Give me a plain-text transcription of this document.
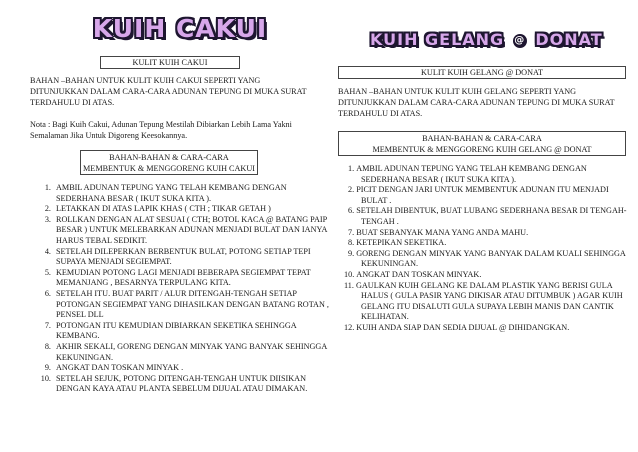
KUIH CAKUI
KULIT KUIH CAKUI

BAHAN –BAHAN UNTUK KULIT KUIH CAKUI SEPERTI YANG DITUNJUKKAN DALAM CARA-CARA ADUNAN TEPUNG DI MUKA SURAT TERDAHULU DI ATAS.

Nota : Bagi Kuih Cakui, Adunan Tepung Mestilah Dibiarkan Lebih Lama Yakni Semalaman Jika Untuk Digoreng Keesokannya.

BAHAN-BAHAN & CARA-CARA
MEMBENTUK & MENGGORENG KUIH CAKUI
1. AMBIL ADUNAN TEPUNG YANG TELAH KEMBANG DENGAN SEDERHANA BESAR ( IKUT SUKA KITA ).
2. LETAKKAN DI ATAS LAPIK KHAS ( CTH ; TIKAR GETAH )
3. ROLLKAN DENGAN ALAT SESUAI ( CTH; BOTOL KACA @ BATANG PAIP BESAR ) UNTUK MELEBARKAN ADUNAN MENJADI BULAT DAN IANYA HARUS TEBAL SEDIKIT.
4. SETELAH DILEPERKAN BERBENTUK BULAT, POTONG SETIAP TEPI SUPAYA MENJADI SEGIEMPAT.
5. KEMUDIAN POTONG LAGI MENJADI BEBERAPA SEGIEMPAT TEPAT MEMANJANG , BESARNYA TERPULANG KITA.
6. SETELAH ITU. BUAT PARIT / ALUR DITENGAH-TENGAH SETIAP POTONGAN SEGIEMPAT YANG DIHASILKAN DENGAN BATANG ROTAN , PENSEL DLL
7. POTONGAN ITU KEMUDIAN DIBIARKAN SEKETIKA SEHINGGA KEMBANG.
8. AKHIR SEKALI, GORENG DENGAN MINYAK YANG BANYAK SEHINGGA KEKUNINGAN.
9. ANGKAT DAN TOSKAN MINYAK .
10. SETELAH SEJUK, POTONG DITENGAH-TENGAH UNTUK DIISIKAN DENGAN KAYA ATAU PLANTA SEBELUM DIJUAL ATAU DIMAKAN.
KUIH GELANG @ DONAT
KULIT KUIH GELANG @ DONAT

BAHAN –BAHAN UNTUK KULIT KUIH GELANG SEPERTI YANG DITUNJUKKAN DALAM CARA-CARA ADUNAN TEPUNG DI MUKA SURAT TERDAHULU DI ATAS.

BAHAN-BAHAN & CARA-CARA
MEMBENTUK & MENGGORENG KUIH GELANG @ DONAT
1. AMBIL ADUNAN TEPUNG YANG TELAH KEMBANG DENGAN SEDERHANA BESAR ( IKUT SUKA KITA ).
2. PICIT DENGAN JARI UNTUK MEMBENTUK ADUNAN ITU MENJADI BULAT .
6. SETELAH DIBENTUK, BUAT LUBANG SEDERHANA BESAR DI TENGAH-TENGAH .
7. BUAT SEBANYAK MANA YANG ANDA MAHU.
8. KETEPIKAN SEKETIKA.
9. GORENG DENGAN MINYAK YANG BANYAK DALAM KUALI SEHINGGA KEKUNINGAN.
10. ANGKAT DAN TOSKAN MINYAK.
11. GAULKAN KUIH GELANG KE DALAM PLASTIK YANG BERISI GULA HALUS ( GULA PASIR YANG DIKISAR ATAU DITUMBUK ) AGAR KUIH GELANG ITU DISALUTI GULA SUPAYA LEBIH MANIS DAN CANTIK KELIHATAN.
12. KUIH ANDA SIAP DAN SEDIA DIJUAL @ DIHIDANGKAN.
